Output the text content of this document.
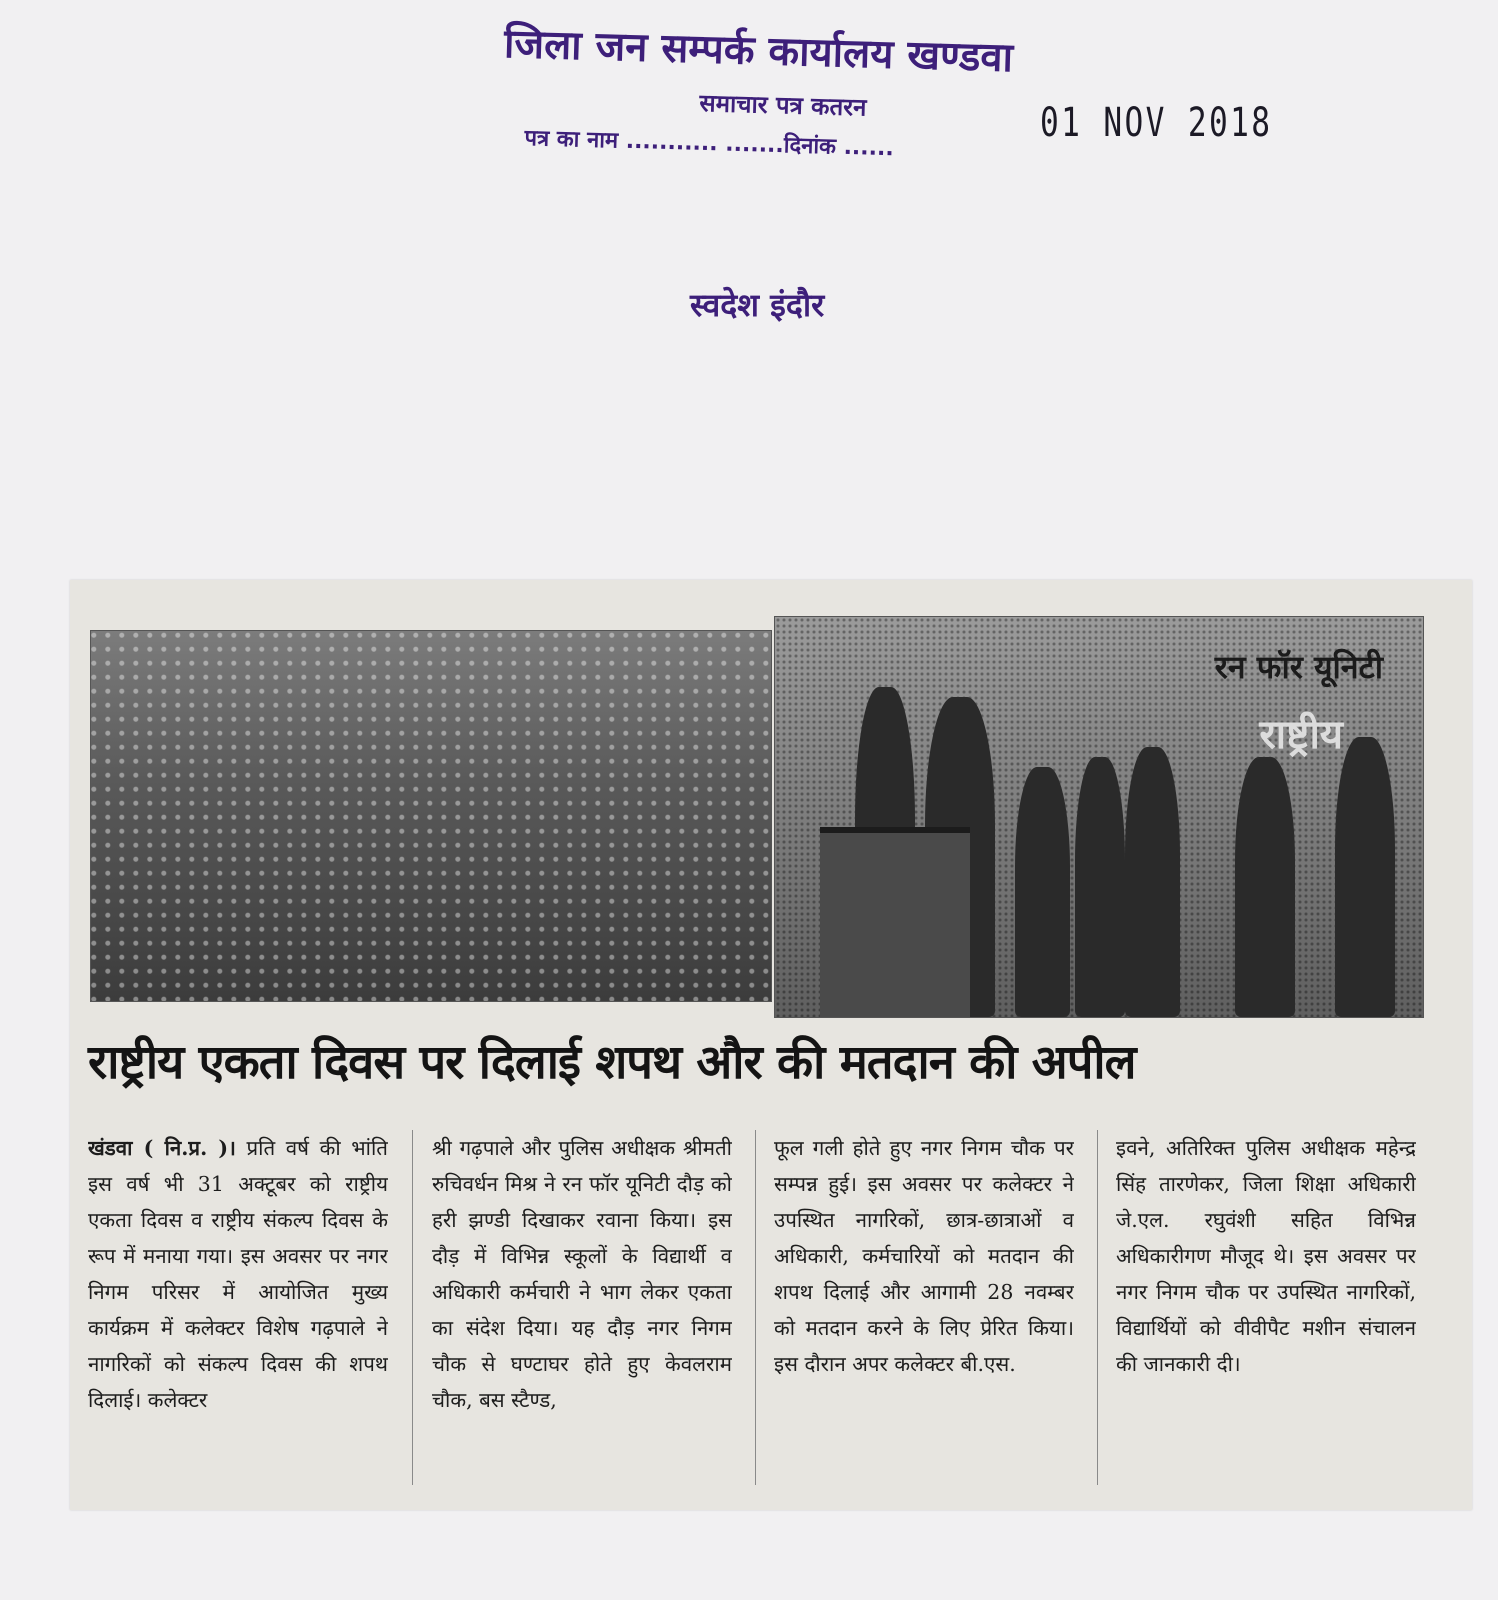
जिला जन सम्पर्क कार्यालय खण्डवा
समाचार पत्र कतरन
पत्र का नाम ........... .......दिनांक ......	01 NOV 2018
स्वदेश इंदौर
रन फॉर यूनिटी
राष्ट्रीय
राष्ट्रीय एकता दिवस पर दिलाई शपथ और की मतदान की अपील
खंडवा ( नि.प्र. )। प्रति वर्ष की भांति इस वर्ष भी 31 अक्टूबर को राष्ट्रीय एकता दिवस व राष्ट्रीय संकल्प दिवस के रूप में मनाया गया। इस अवसर पर नगर निगम परिसर में आयोजित मुख्य कार्यक्रम में कलेक्टर विशेष गढ़पाले ने नागरिकों को संकल्प दिवस की शपथ दिलाई। कलेक्टर
श्री गढ़पाले और पुलिस अधीक्षक श्रीमती रुचिवर्धन मिश्र ने रन फॉर यूनिटी दौड़ को हरी झण्डी दिखाकर रवाना किया। इस दौड़ में विभिन्न स्कूलों के विद्यार्थी व अधिकारी कर्मचारी ने भाग लेकर एकता का संदेश दिया। यह दौड़ नगर निगम चौक से घण्टाघर होते हुए केवलराम चौक, बस स्टैण्ड,
फूल गली होते हुए नगर निगम चौक पर सम्पन्न हुई। इस अवसर पर कलेक्टर ने उपस्थित नागरिकों, छात्र-छात्राओं व अधिकारी, कर्मचारियों को मतदान की शपथ दिलाई और आगामी 28 नवम्बर को मतदान करने के लिए प्रेरित किया। इस दौरान अपर कलेक्टर बी.एस.
इवने, अतिरिक्त पुलिस अधीक्षक महेन्द्र सिंह तारणेकर, जिला शिक्षा अधिकारी जे.एल. रघुवंशी सहित विभिन्न अधिकारीगण मौजूद थे। इस अवसर पर नगर निगम चौक पर उपस्थित नागरिकों, विद्यार्थियों को वीवीपैट मशीन संचालन की जानकारी दी।
